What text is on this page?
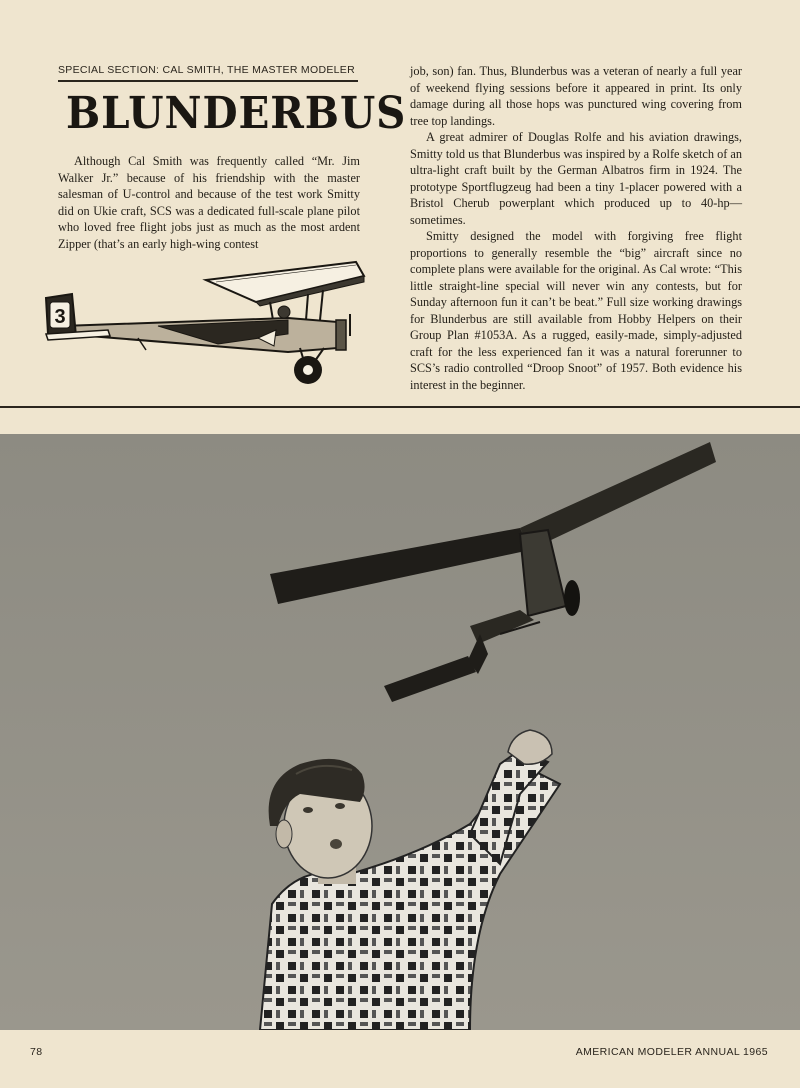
SPECIAL SECTION: CAL SMITH, THE MASTER MODELER
BLUNDERBUS

Although Cal Smith was frequently called “Mr. Jim Walker Jr.” because of his friendship with the master salesman of U-control and because of the test work Smitty did on Ukie craft, SCS was a dedicated full-scale plane pilot who loved free flight jobs just as much as the most ardent Zipper (that’s an early high-wing contest

job, son) fan. Thus, Blunderbus was a veteran of nearly a full year of weekend flying sessions before it appeared in print. Its only damage during all those hops was punctured wing covering from tree top landings.

A great admirer of Douglas Rolfe and his aviation drawings, Smitty told us that Blunderbus was inspired by a Rolfe sketch of an ultra-light craft built by the German Albatros firm in 1924. The prototype Sportflugzeug had been a tiny 1-placer powered with a Bristol Cherub powerplant which produced up to 40-hp—sometimes.

Smitty designed the model with forgiving free flight proportions to generally resemble the “big” aircraft since no complete plans were available for the original. As Cal wrote: “This little straight-line special will never win any contests, but for Sunday afternoon fun it can’t be beat.” Full size working drawings for Blunderbus are still available from Hobby Helpers on their Group Plan #1053A. As a rugged, easily-made, simply-adjusted craft for the less experienced fan it was a natural forerunner to SCS’s radio controlled “Droop Snoot” of 1957. Both evidence his interest in the beginner.

3
78	AMERICAN MODELER ANNUAL 1965
